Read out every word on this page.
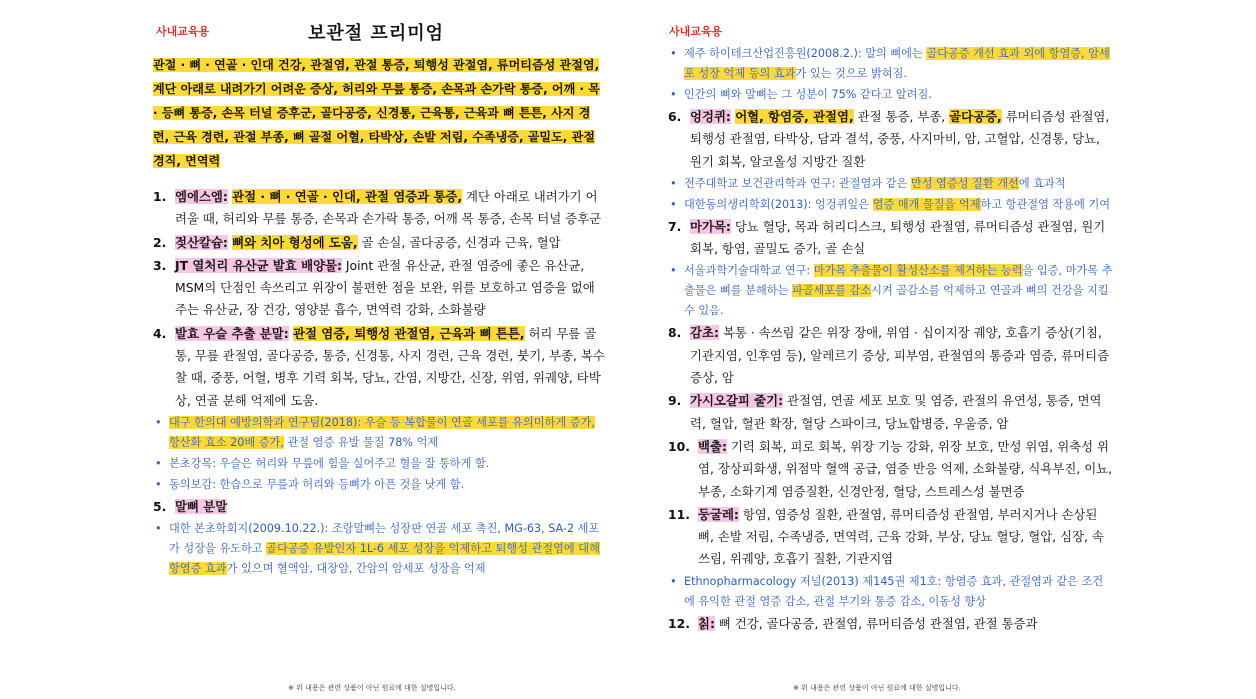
사내교육용	보관절 프리미엄
관절 · 뼈 · 연골 · 인대 건강, 관절염, 관절 통증, 퇴행성 관절염, 류머티즘성 관절염, 계단 아래로 내려가기 어려운 증상, 허리와 무릎 통증, 손목과 손가락 통증, 어깨 · 목 · 등뼈 통증, 손목 터널 증후군, 골다공증, 신경통, 근육통, 근육과 뼈 튼튼, 사지 경련, 근육 경련, 관절 부종, 뼈 골절 어혈, 타박상, 손발 저림, 수족냉증, 골밀도, 관절 경직, 면역력
1. 엠에스엠: 관절 · 뼈 · 연골 · 인대, 관절 염증과 통증, 계단 아래로 내려가기 어려울 때, 허리와 무릎 통증, 손목과 손가락 통증, 어깨 목 통증, 손목 터널 증후군
2. 젖산칼슘: 뼈와 치아 형성에 도움, 골 손실, 골다공증, 신경과 근육, 혈압
3. JT 열처리 유산균 발효 배양물: Joint 관절 유산균, 관절 염증에 좋은 유산균, MSM의 단점인 속쓰리고 위장이 불편한 점을 보완, 위를 보호하고 염증을 없애주는 유산균, 장 건강, 영양분 흡수, 면역력 강화, 소화불량
4. 발효 우슬 추출 분말: 관절 염증, 퇴행성 관절염, 근육과 뼈 튼튼, 허리 무릎 골통, 무릎 관절염, 골다공증, 통증, 신경통, 사지 경련, 근육 경련, 붓기, 부종, 복수 찰 때, 중풍, 어혈, 병후 기력 회복, 당뇨, 간염, 지방간, 신장, 위염, 위궤양, 타박상, 연골 분해 억제에 도움.
• 대구 한의대 예방의학과 연구팀(2018): 우슬 등 복합물이 연골 세포를 유의미하게 증가, 항산화 효소 20배 증가, 관절 염증 유발 물질 78% 억제
• 본초강목: 우슬은 허리와 무릎에 힘을 실어주고 혈을 잘 통하게 함.
• 동의보감: 한습으로 무릎과 허리와 등뼈가 아픈 것을 낫게 함.
5. 말뼈 분말
• 대한 본초학회지(2009.10.22.): 조랑말뼈는 성장판 연골 세포 촉진, MG-63, SA-2 세포가 성장을 유도하고 골다공증 유발인자 1L-6 세포 성장을 억제하고 퇴행성 관절염에 대해 항염증 효과가 있으며 혈액암, 대장암, 간암의 암세포 성장을 억제
※ 위 내용은 관련 상품이 아닌 원료에 대한 설명입니다.
사내교육용
• 제주 하이테크산업진흥원(2008.2.): 말의 뼈에는 골다공증 개선 효과 외에 항염증, 암세포 성장 억제 등의 효과가 있는 것으로 밝혀짐.
• 인간의 뼈와 말뼈는 그 성분이 75% 같다고 알려짐.
6. 엉겅퀴: 어혈, 항염증, 관절염, 관절 통증, 부종, 골다공증, 류머티즘성 관절염, 퇴행성 관절염, 타박상, 담과 결석, 중풍, 사지마비, 암, 고혈압, 신경통, 당뇨, 원기 회복, 알코올성 지방간 질환
• 전주대학교 보건관리학과 연구: 관절염과 같은 만성 염증성 질환 개선에 효과적
• 대한동의생리학회(2013): 엉겅퀴잎은 염증 매개 물질을 억제하고 항관절염 작용에 기여
7. 마가목: 당뇨 혈당, 목과 허리디스크, 퇴행성 관절염, 류머티즘성 관절염, 원기 회복, 항염, 골밀도 증가, 골 손실
• 서울과학기술대학교 연구: 마가목 추출물이 활성산소를 제거하는 능력을 입증, 마가목 추출물은 뼈를 분해하는 파골세포를 감소시켜 골감소를 억제하고 연골과 뼈의 건강을 지킬 수 있음.
8. 감초: 복통 · 속쓰림 같은 위장 장애, 위염 · 십이지장 궤양, 호흡기 증상(기침, 기관지염, 인후염 등), 알레르기 증상, 피부염, 관절염의 통증과 염증, 류머티즘 증상, 암
9. 가시오갈피 줄기: 관절염, 연골 세포 보호 및 염증, 관절의 유연성, 통증, 면역력, 혈압, 혈관 확장, 혈당 스파이크, 당뇨합병증, 우울증, 암
10. 백출: 기력 회복, 피로 회복, 위장 기능 강화, 위장 보호, 만성 위염, 위축성 위염, 장상피화생, 위점막 혈액 공급, 염증 반응 억제, 소화불량, 식욕부진, 이뇨, 부종, 소화기계 염증질환, 신경안정, 혈당, 스트레스성 불면증
11. 둥굴레: 항염, 염증성 질환, 관절염, 류머티즘성 관절염, 부러지거나 손상된 뼈, 손발 저림, 수족냉증, 면역력, 근육 강화, 부상, 당뇨 혈당, 혈압, 심장, 속쓰림, 위궤양, 호흡기 질환, 기관지염
• Ethnopharmacology 저널(2013) 제145권 제1호: 항염증 효과, 관절염과 같은 조건에 유익한 관절 염증 감소, 관절 부기와 통증 감소, 이동성 향상
12. 칡: 뼈 건강, 골다공증, 관절염, 류머티즘성 관절염, 관절 통증과
※ 위 내용은 관련 상품이 아닌 원료에 대한 설명입니다.
